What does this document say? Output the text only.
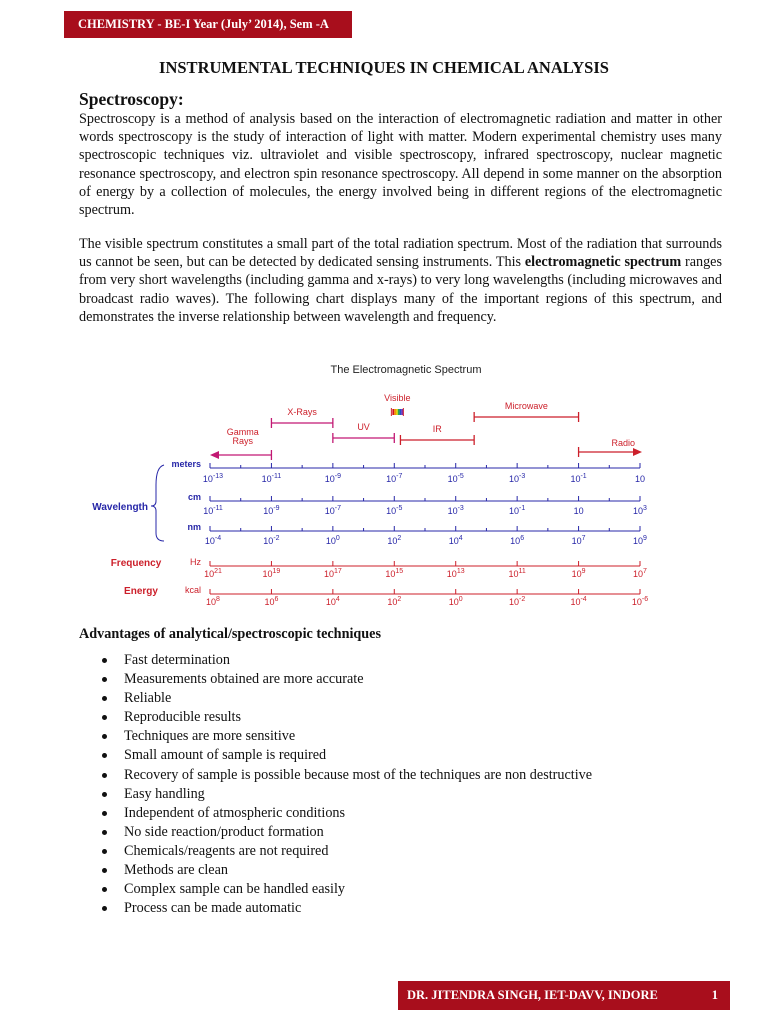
CHEMISTRY - BE-I Year (July’ 2014), Sem -A
INSTRUMENTAL TECHNIQUES IN CHEMICAL ANALYSIS
Spectroscopy:

Spectroscopy is a method of analysis based on the interaction of electromagnetic radiation and matter in other words spectroscopy is the study of interaction of light with matter. Modern experimental chemistry uses many spectroscopic techniques viz. ultraviolet and visible spectroscopy, infrared spectroscopy, nuclear magnetic resonance spectroscopy, and electron spin resonance spectroscopy. All depend in some manner on the absorption of energy by a collection of molecules, the energy involved being in different regions of the electromagnetic spectrum.

The visible spectrum constitutes a small part of the total radiation spectrum. Most of the radiation that surrounds us cannot be seen, but can be detected by dedicated sensing instruments. This electromagnetic spectrum ranges from very short wavelengths (including gamma and x-rays) to very long wavelengths (including microwaves and broadcast radio waves). The following chart displays many of the important regions of this spectrum, and demonstrates the inverse relationship between wavelength and frequency.

The Electromagnetic Spectrum
Gamma
Rays
X-Rays
UV
Visible
IR
Microwave
Radio
$10^{-13}$	$10^{-11}$	$10^{-9}$	$10^{-7}$	$10^{-5}$	$10^{-3}$	$10^{-1}$	10
meters
$10^{-11}$	$10^{-9}$	$10^{-7}$	$10^{-5}$	$10^{-3}$	$10^{-1}$	10	$10^3$
cm
$10^{-4}$	$10^{-2}$	$10^0$	$10^2$	$10^4$	$10^6$	$10^7$	$10^9$
nm
$10^{21}$	$10^{19}$	$10^{17}$	$10^{15}$	$10^{13}$	$10^{11}$	$10^9$	$10^7$
Hz
$10^8$	$10^6$	$10^4$	$10^2$	$10^0$	$10^{-2}$	$10^{-4}$	$10^{-6}$
kcal
Wavelength
Frequency
Energy
Advantages of analytical/spectroscopic techniques
Fast determination
Measurements obtained are more accurate
Reliable
Reproducible results
Techniques are more sensitive
Small amount of sample is required
Recovery of sample is possible because most of the techniques are non destructive
Easy handling
Independent of atmospheric conditions
No side reaction/product formation
Chemicals/reagents are not required
Methods are clean
Complex sample can be handled easily
Process can be made automatic
DR. JITENDRA SINGH, IET-DAVV, INDORE	1
